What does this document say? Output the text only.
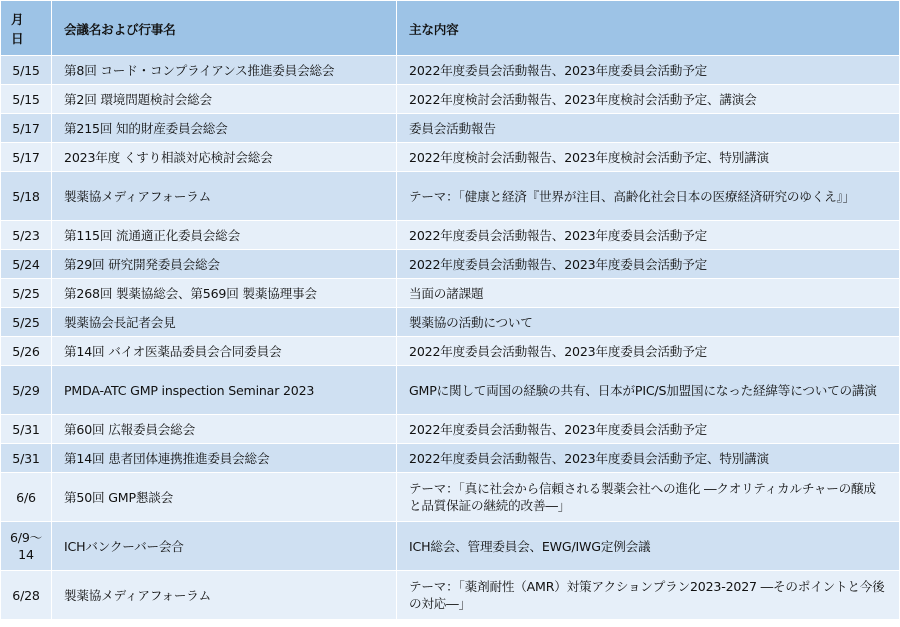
月 日	会議名および行事名	主な内容
5/15	第8回 コード・コンプライアンス推進委員会総会	2022年度委員会活動報告、2023年度委員会活動予定
5/15	第2回 環境問題検討会総会	2022年度検討会活動報告、2023年度検討会活動予定、講演会
5/17	第215回 知的財産委員会総会	委員会活動報告
5/17	2023年度 くすり相談対応検討会総会	2022年度検討会活動報告、2023年度検討会活動予定、特別講演
5/18	製薬協メディアフォーラム	テーマ：「健康と経済『世界が注目、高齢化社会日本の医療経済研究のゆくえ』」
5/23	第115回 流通適正化委員会総会	2022年度委員会活動報告、2023年度委員会活動予定
5/24	第29回 研究開発委員会総会	2022年度委員会活動報告、2023年度委員会活動予定
5/25	第268回 製薬協総会、第569回 製薬協理事会	当面の諸課題
5/25	製薬協会長記者会見	製薬協の活動について
5/26	第14回 バイオ医薬品委員会合同委員会	2022年度委員会活動報告、2023年度委員会活動予定
5/29	PMDA-ATC GMP inspection Seminar 2023	GMPに関して両国の経験の共有、日本がPIC/S加盟国になった経緯等についての講演
5/31	第60回 広報委員会総会	2022年度委員会活動報告、2023年度委員会活動予定
5/31	第14回 患者団体連携推進委員会総会	2022年度委員会活動報告、2023年度委員会活動予定、特別講演
6/6	第50回 GMP懇談会	テーマ：「真に社会から信頼される製薬会社への進化 ―クオリティカルチャーの醸成と品質保証の継続的改善―」
6/9〜14	ICHバンクーバー会合	ICH総会、管理委員会、EWG/IWG定例会議
6/28	製薬協メディアフォーラム	テーマ：「薬剤耐性（AMR）対策アクションプラン2023-2027 ―そのポイントと今後の対応―」
